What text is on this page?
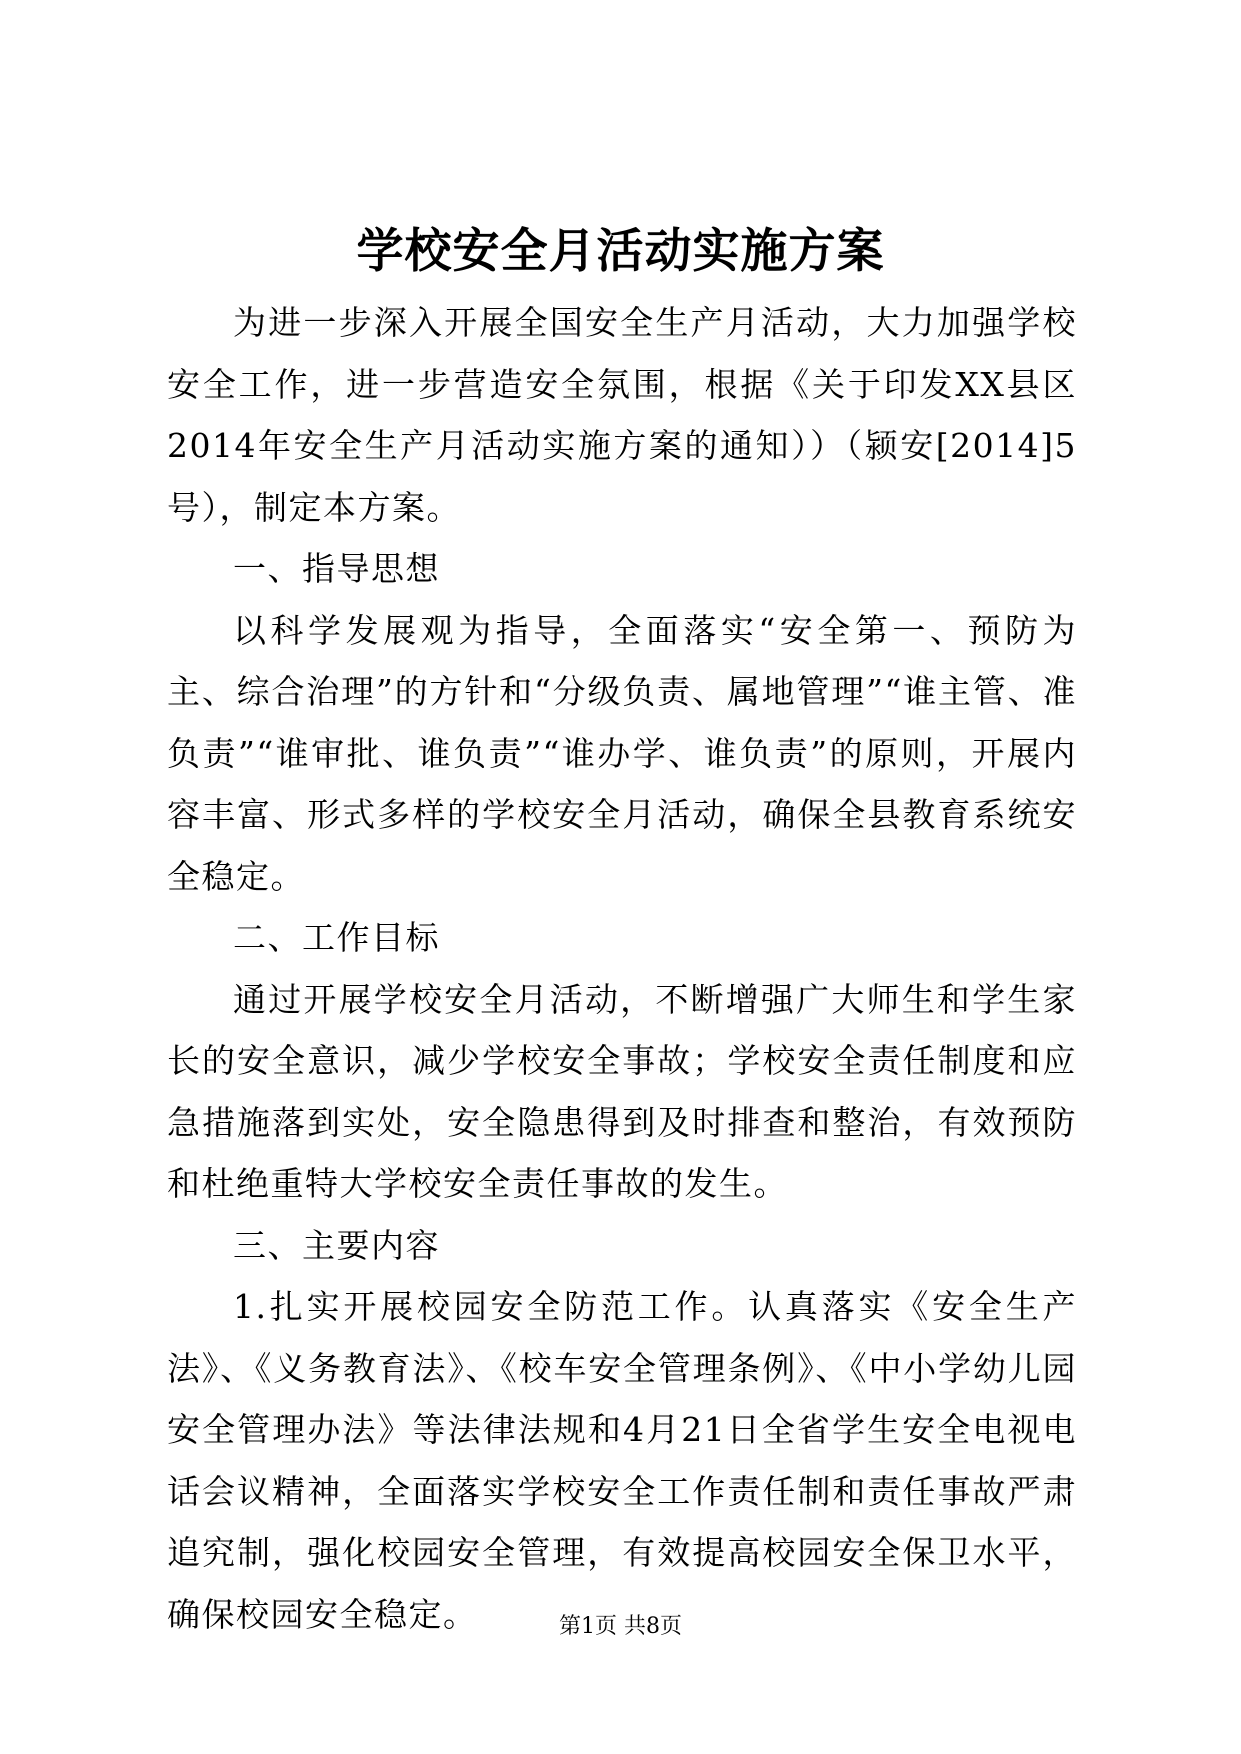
学校安全月活动实施方案

为进一步深入开展全国安全生产月活动，大力加强学校安全工作，进一步营造安全氛围，根据《关于印发XX县区2014年安全生产月活动实施方案的通知））（颍安[2014]5号），制定本方案。

一、指导思想

以科学发展观为指导，全面落实“安全第一、预防为主、综合治理”的方针和“分级负责、属地管理”“谁主管、准负责”“谁审批、谁负责”“谁办学、谁负责”的原则，开展内容丰富、形式多样的学校安全月活动，确保全县教育系统安全稳定。

二、工作目标

通过开展学校安全月活动，不断增强广大师生和学生家长的安全意识，减少学校安全事故；学校安全责任制度和应急措施落到实处，安全隐患得到及时排查和整治，有效预防和杜绝重特大学校安全责任事故的发生。

三、主要内容

1.扎实开展校园安全防范工作。认真落实《安全生产法》、《义务教育法》、《校车安全管理条例》、《中小学幼儿园安全管理办法》等法律法规和4月21日全省学生安全电视电话会议精神，全面落实学校安全工作责任制和责任事故严肃追究制，强化校园安全管理，有效提高校园安全保卫水平，确保校园安全稳定。	第1页 共8页
